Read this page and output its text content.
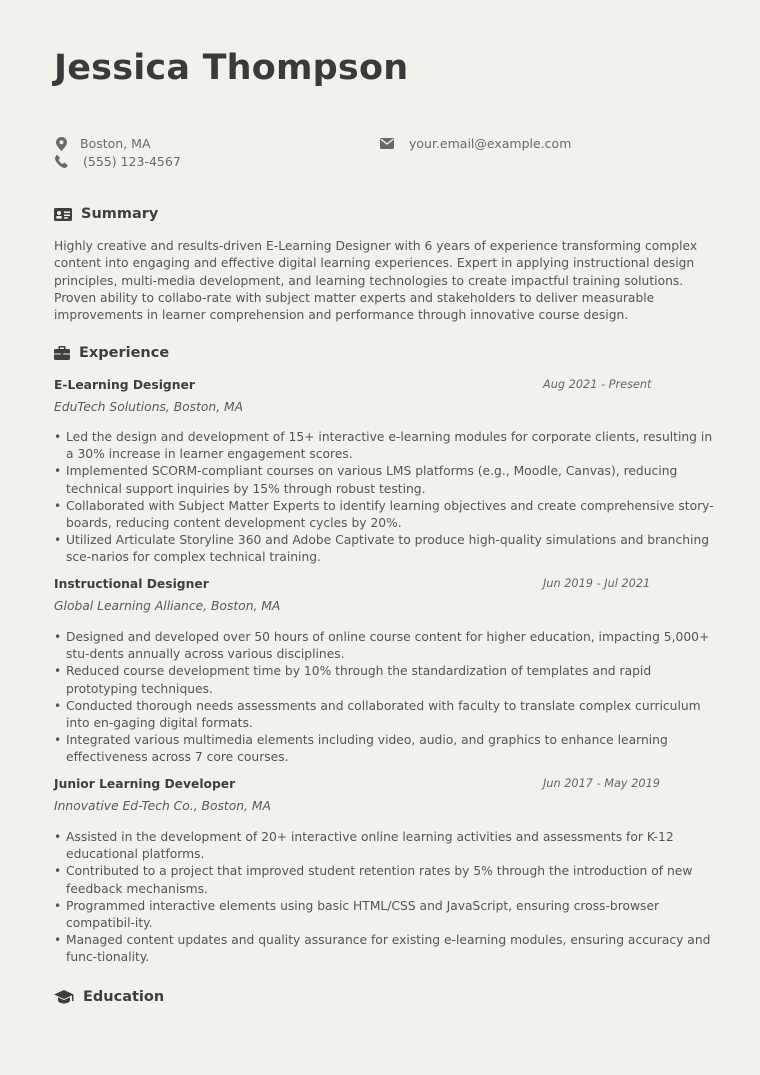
Jessica Thompson
Boston, MA
(555) 123-4567
your.email@example.com
Summary

Highly creative and results-driven E-Learning Designer with 6 years of experience transforming complex content into engaging and effective digital learning experiences. Expert in applying instructional design principles, multi-media development, and learning technologies to create impactful training solutions. Proven ability to collabo-rate with subject matter experts and stakeholders to deliver measurable improvements in learner comprehension and performance through innovative course design.

Experience
E-Learning Designer	Aug 2021 - Present
EduTech Solutions, Boston, MA
• Led the design and development of 15+ interactive e-learning modules for corporate clients, resulting in a 30% increase in learner engagement scores.
• Implemented SCORM-compliant courses on various LMS platforms (e.g., Moodle, Canvas), reducing technical support inquiries by 15% through robust testing.
• Collaborated with Subject Matter Experts to identify learning objectives and create comprehensive story-boards, reducing content development cycles by 20%.
• Utilized Articulate Storyline 360 and Adobe Captivate to produce high-quality simulations and branching sce-narios for complex technical training.
Instructional Designer	Jun 2019 - Jul 2021
Global Learning Alliance, Boston, MA
• Designed and developed over 50 hours of online course content for higher education, impacting 5,000+ stu-dents annually across various disciplines.
• Reduced course development time by 10% through the standardization of templates and rapid prototyping techniques.
• Conducted thorough needs assessments and collaborated with faculty to translate complex curriculum into en-gaging digital formats.
• Integrated various multimedia elements including video, audio, and graphics to enhance learning effectiveness across 7 core courses.
Junior Learning Developer	Jun 2017 - May 2019
Innovative Ed-Tech Co., Boston, MA
• Assisted in the development of 20+ interactive online learning activities and assessments for K-12 educational platforms.
• Contributed to a project that improved student retention rates by 5% through the introduction of new feedback mechanisms.
• Programmed interactive elements using basic HTML/CSS and JavaScript, ensuring cross-browser compatibil-ity.
• Managed content updates and quality assurance for existing e-learning modules, ensuring accuracy and func-tionality.
Education
